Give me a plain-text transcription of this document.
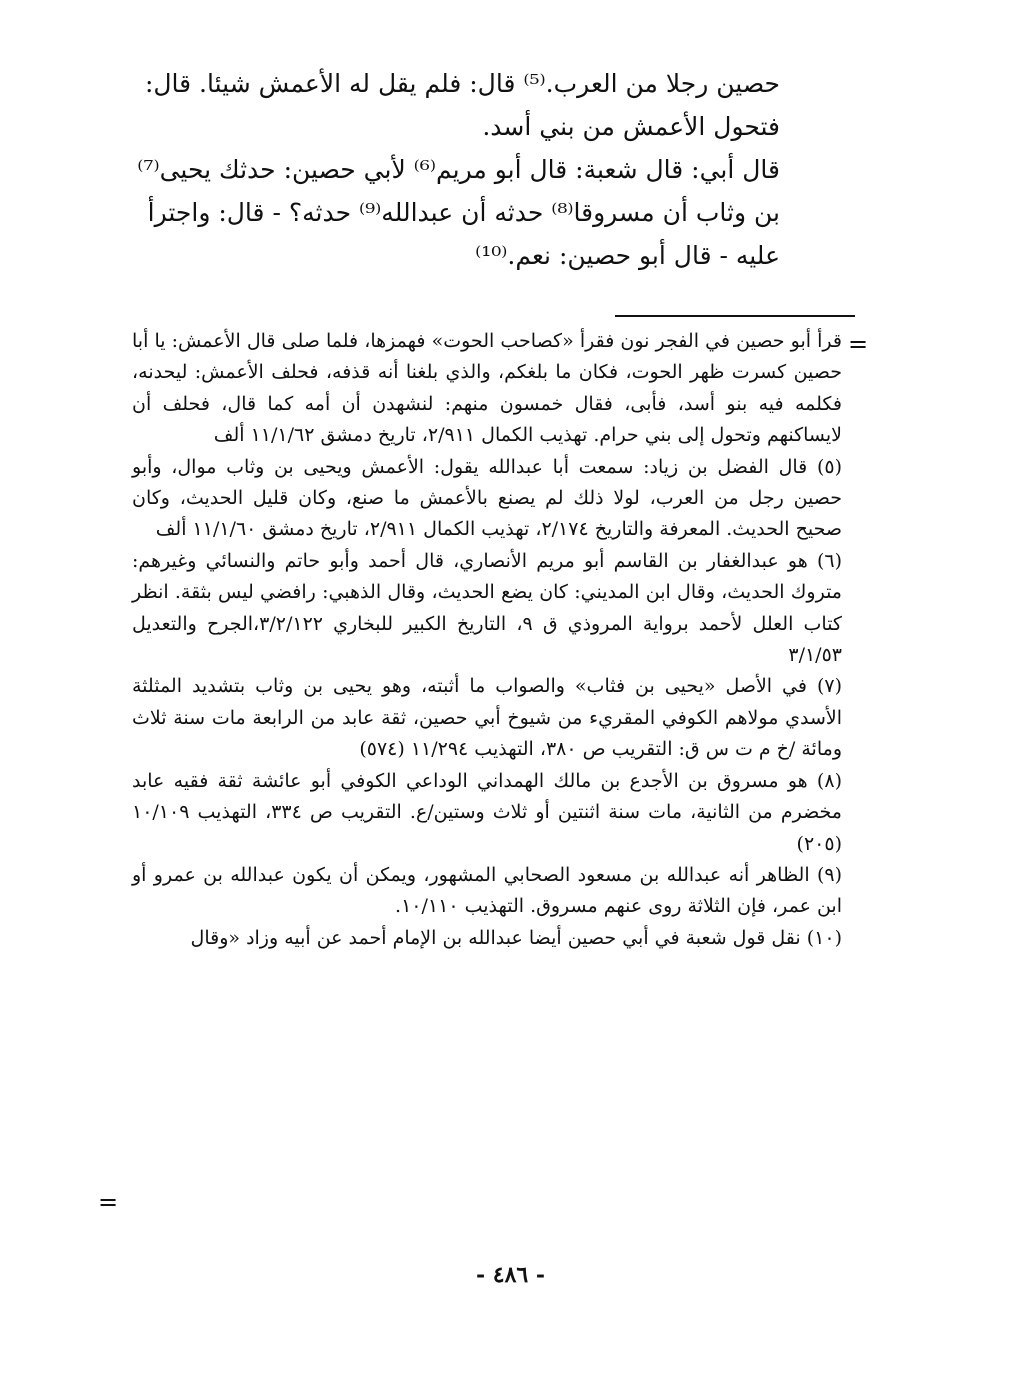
حصين رجلا من العرب.⁽⁵⁾ قال: فلم يقل له الأعمش شيئا. قال: فتحول الأعمش من بني أسد.

قال أبي: قال شعبة: قال أبو مريم⁽⁶⁾ لأبي حصين: حدثك يحيى⁽⁷⁾ بن وثاب أن مسروقا⁽⁸⁾ حدثه أن عبدالله⁽⁹⁾ حدثه؟ - قال: واجترأ عليه - قال أبو حصين: نعم.⁽¹⁰⁾

=

قرأ أبو حصين في الفجر نون فقرأ «كصاحب الحوت» فهمزها، فلما صلى قال الأعمش: يا أبا حصين كسرت ظهر الحوت، فكان ما بلغكم، والذي بلغنا أنه قذفه، فحلف الأعمش: ليحدنه، فكلمه فيه بنو أسد، فأبى، فقال خمسون منهم: لنشهدن أن أمه كما قال، فحلف أن لايساكنهم وتحول إلى بني حرام. تهذيب الكمال ٢/٩١١، تاريخ دمشق ١١/١/٦٢ ألف

(٥) قال الفضل بن زياد: سمعت أبا عبدالله يقول: الأعمش ويحيى بن وثاب موال، وأبو حصين رجل من العرب، لولا ذلك لم يصنع بالأعمش ما صنع، وكان قليل الحديث، وكان صحيح الحديث. المعرفة والتاريخ ٢/١٧٤، تهذيب الكمال ٢/٩١١، تاريخ دمشق ١١/١/٦٠ ألف

(٦) هو عبدالغفار بن القاسم أبو مريم الأنصاري، قال أحمد وأبو حاتم والنسائي وغيرهم: متروك الحديث، وقال ابن المديني: كان يضع الحديث، وقال الذهبي: رافضي ليس بثقة. انظر كتاب العلل لأحمد برواية المروذي ق ٩، التاريخ الكبير للبخاري ٣/٢/١٢٢،الجرح والتعديل ٣/١/٥٣

(٧) في الأصل «يحيى بن فثاب» والصواب ما أثبته، وهو يحيى بن وثاب بتشديد المثلثة الأسدي مولاهم الكوفي المقريء من شيوخ أبي حصين، ثقة عابد من الرابعة مات سنة ثلاث ومائة /خ م ت س ق: التقريب ص ٣٨٠، التهذيب ١١/٢٩٤ (٥٧٤)

(٨) هو مسروق بن الأجدع بن مالك الهمداني الوداعي الكوفي أبو عائشة ثقة فقيه عابد مخضرم من الثانية، مات سنة اثنتين أو ثلاث وستين/ع. التقريب ص ٣٣٤، التهذيب ١٠/١٠٩ (٢٠٥)

(٩) الظاهر أنه عبدالله بن مسعود الصحابي المشهور، ويمكن أن يكون عبدالله بن عمرو أو ابن عمر، فإن الثلاثة روى عنهم مسروق. التهذيب ١٠/١١٠.

(١٠) نقل قول شعبة في أبي حصين أيضا عبدالله بن الإمام أحمد عن أبيه وزاد «وقال

=
- ٤٨٦ -
